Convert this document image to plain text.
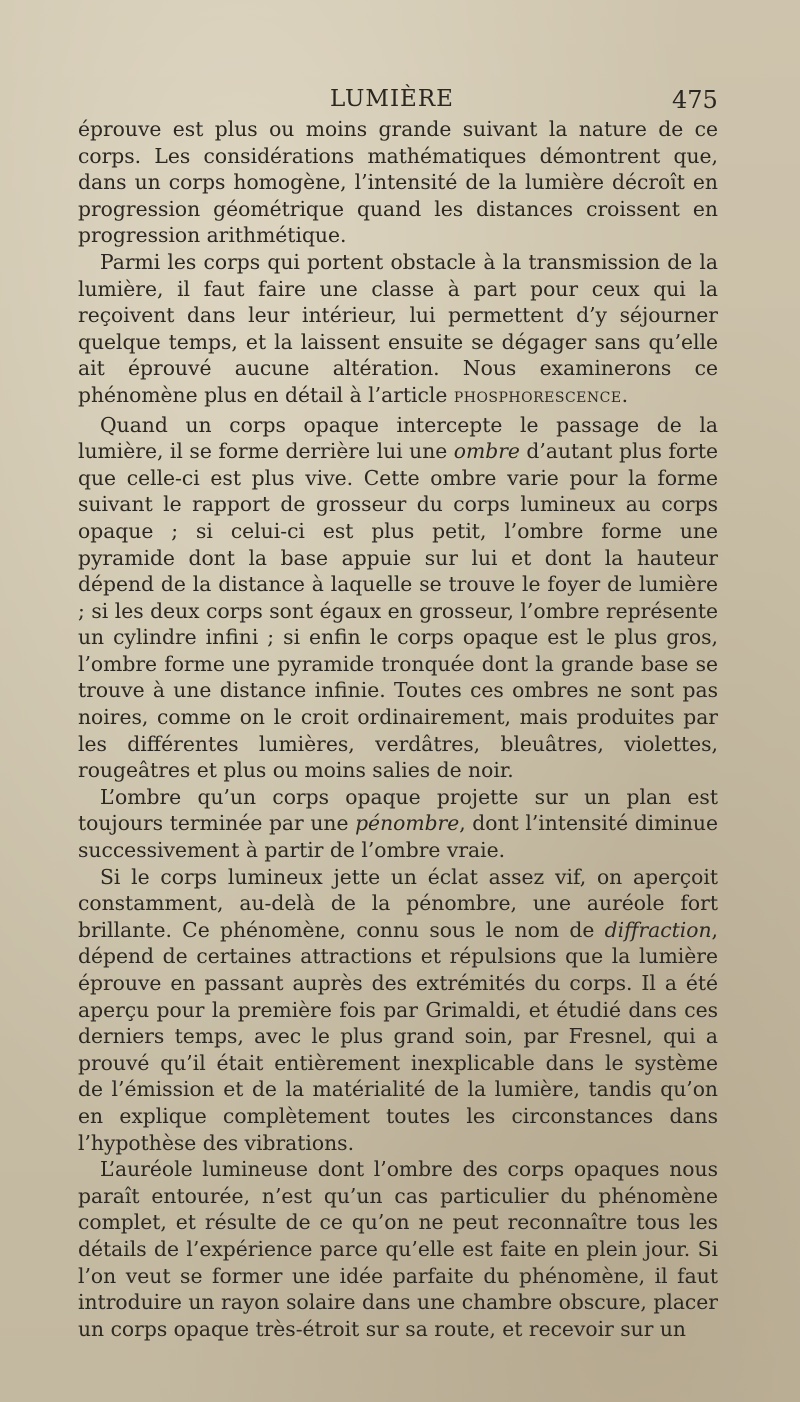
LUMIÈRE	475

éprouve est plus ou moins grande suivant la nature de ce corps. Les considérations mathématiques démontrent que, dans un corps homogène, l’intensité de la lumière décroît en progression géométrique quand les distances croissent en progression arithmétique.

Parmi les corps qui portent obstacle à la transmission de la lumière, il faut faire une classe à part pour ceux qui la reçoivent dans leur intérieur, lui permettent d’y séjourner quelque temps, et la laissent ensuite se dégager sans qu’elle ait éprouvé aucune altération. Nous examinerons ce phénomène plus en détail à l’article PHOSPHORESCENCE.

Quand un corps opaque intercepte le passage de la lumière, il se forme derrière lui une ombre d’autant plus forte que celle-ci est plus vive. Cette ombre varie pour la forme suivant le rapport de grosseur du corps lumineux au corps opaque ; si celui-ci est plus petit, l’ombre forme une pyramide dont la base appuie sur lui et dont la hauteur dépend de la distance à laquelle se trouve le foyer de lumière ; si les deux corps sont égaux en grosseur, l’ombre représente un cylindre infini ; si enfin le corps opaque est le plus gros, l’ombre forme une pyramide tronquée dont la grande base se trouve à une distance infinie. Toutes ces ombres ne sont pas noires, comme on le croit ordinairement, mais produites par les différentes lumières, verdâtres, bleuâtres, violettes, rougeâtres et plus ou moins salies de noir.

L’ombre qu’un corps opaque projette sur un plan est toujours terminée par une pénombre, dont l’intensité diminue successivement à partir de l’ombre vraie.

Si le corps lumineux jette un éclat assez vif, on aperçoit constamment, au-delà de la pénombre, une auréole fort brillante. Ce phénomène, connu sous le nom de diffraction, dépend de certaines attractions et répulsions que la lumière éprouve en passant auprès des extrémités du corps. Il a été aperçu pour la première fois par Grimaldi, et étudié dans ces derniers temps, avec le plus grand soin, par Fresnel, qui a prouvé qu’il était entièrement inexplicable dans le système de l’émission et de la matérialité de la lumière, tandis qu’on en explique complètement toutes les circonstances dans l’hypothèse des vibrations.

L’auréole lumineuse dont l’ombre des corps opaques nous paraît entourée, n’est qu’un cas particulier du phénomène complet, et résulte de ce qu’on ne peut reconnaître tous les détails de l’expérience parce qu’elle est faite en plein jour. Si l’on veut se former une idée parfaite du phénomène, il faut introduire un rayon solaire dans une chambre obscure, placer un corps opaque très-étroit sur sa route, et recevoir sur un
